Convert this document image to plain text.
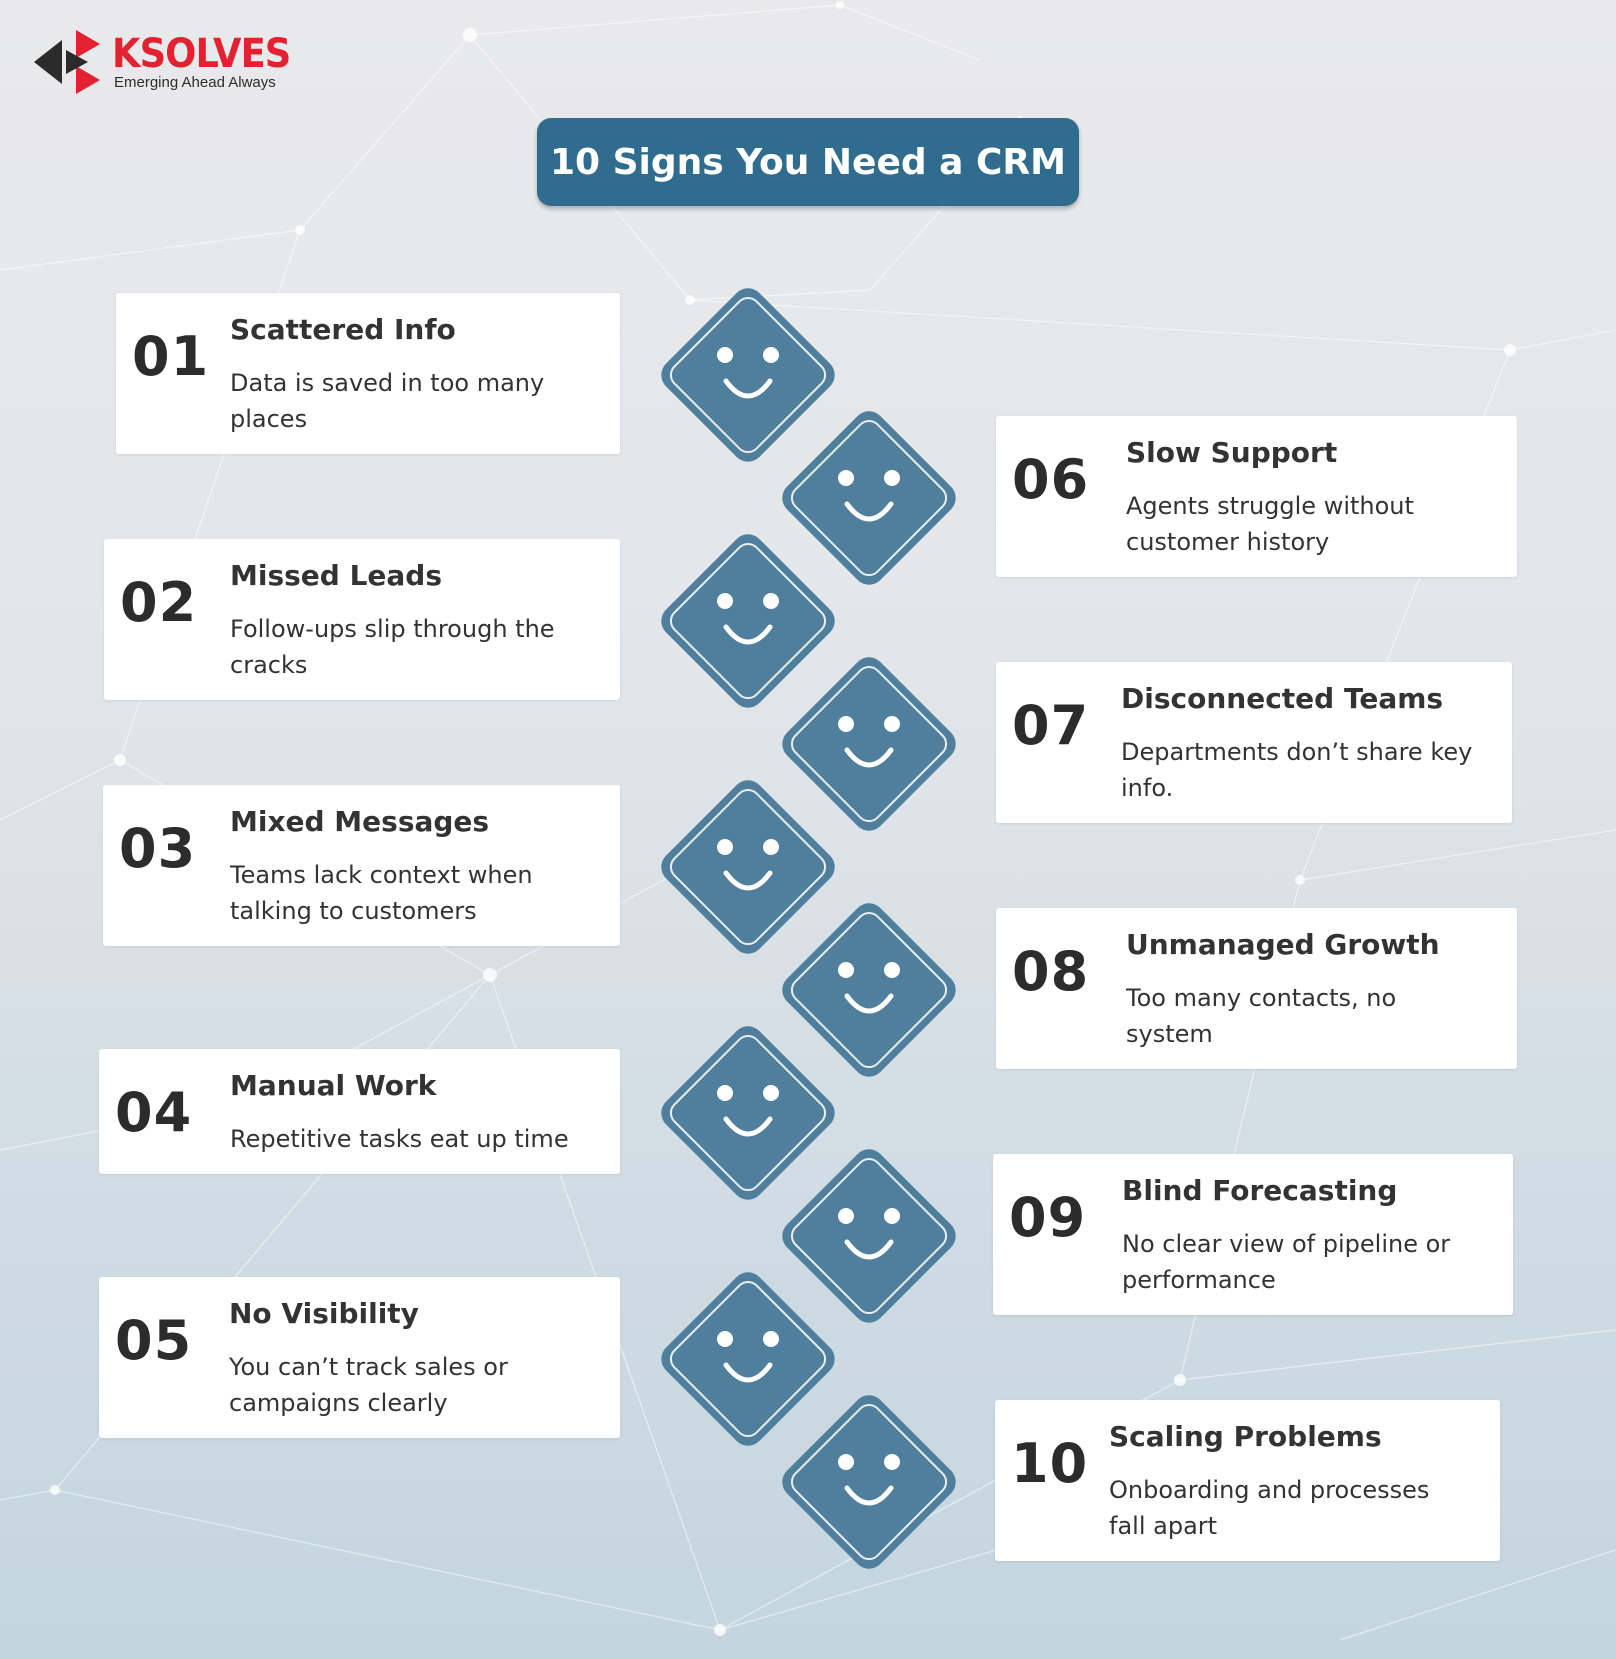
KSOLVES
Emerging Ahead Always
10 Signs You Need a CRM
01 Scattered Info
Data is saved in too many places
02 Missed Leads
Follow-ups slip through the cracks
03 Mixed Messages
Teams lack context when talking to customers
04 Manual Work
Repetitive tasks eat up time
05 No Visibility
You can’t track sales or campaigns clearly
06 Slow Support
Agents struggle without customer history
07 Disconnected Teams
Departments don’t share key info.
08 Unmanaged Growth
Too many contacts, no system
09 Blind Forecasting
No clear view of pipeline or performance
10 Scaling Problems
Onboarding and processes fall apart
